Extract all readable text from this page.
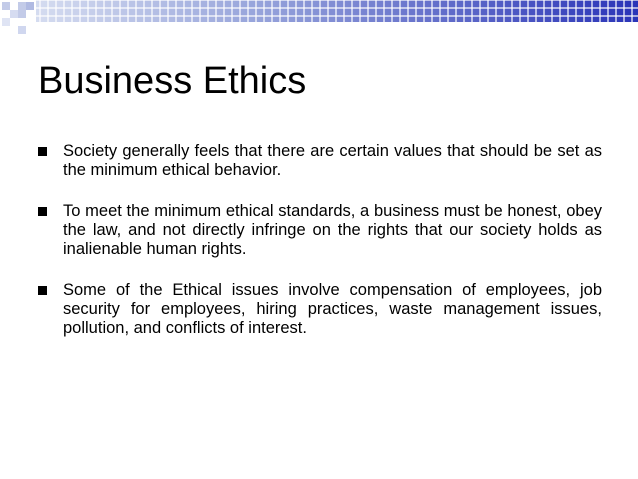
Business Ethics
Society generally feels that there are certain values that should be set as the minimum ethical behavior.
To meet the minimum ethical standards, a business must be honest, obey the law, and not directly infringe on the rights that our society holds as inalienable human rights.
Some of the Ethical issues involve compensation of employees, job security for employees, hiring practices, waste management issues, pollution, and conflicts of interest.
